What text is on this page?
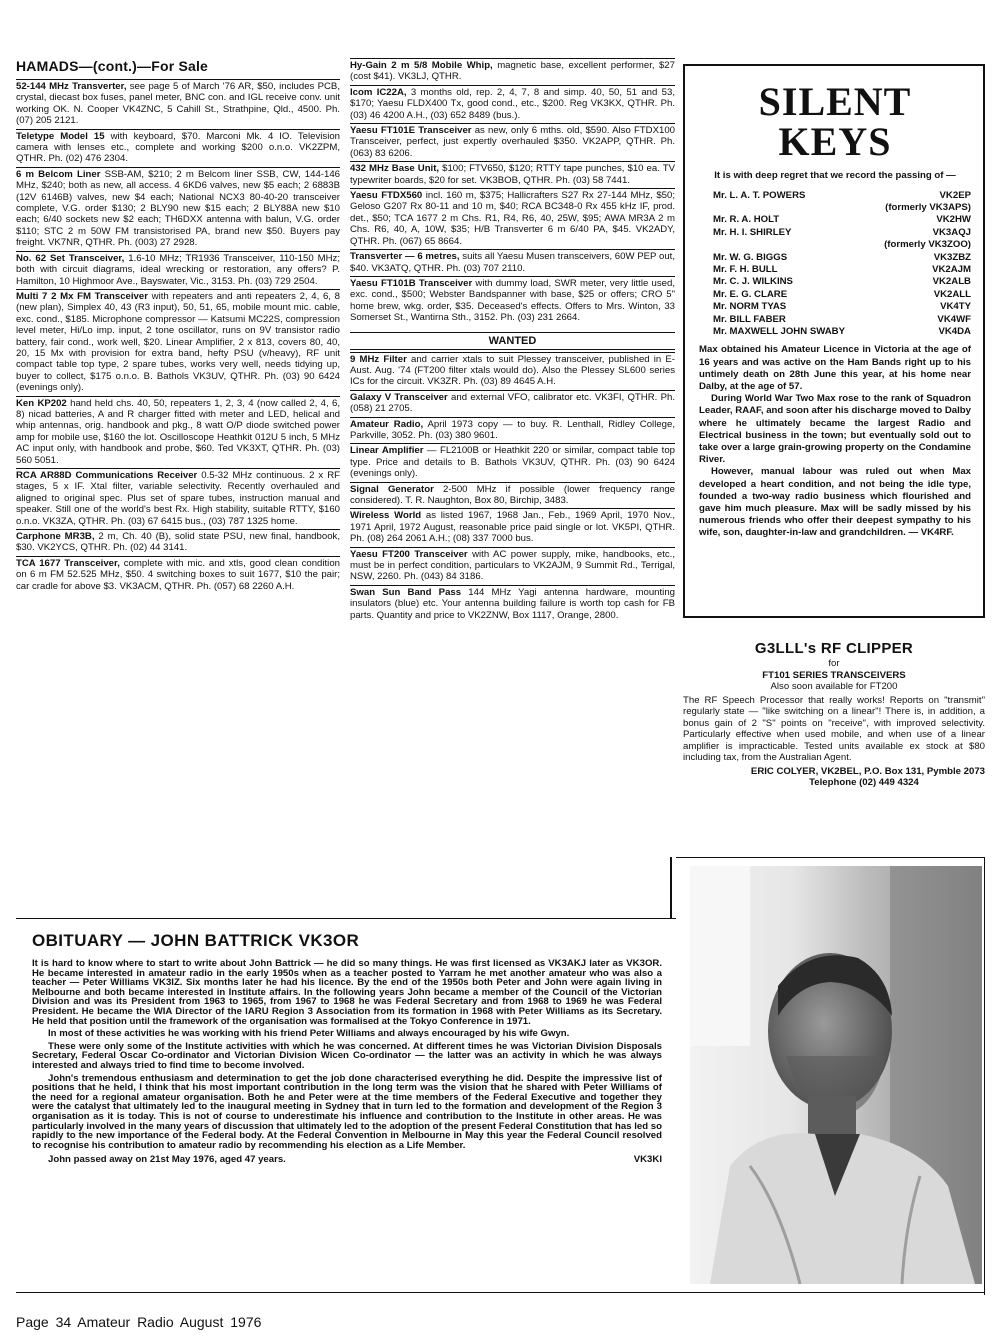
HAMADS—(cont.)—For Sale
52-144 MHz Transverter, see page 5 of March '76 AR, $50, includes PCB, crystal, diecast box fuses, panel meter, BNC con. and IGL receive conv. unit working OK. N. Cooper VK4ZNC, 5 Cahill St., Strathpine, Qld., 4500. Ph. (07) 205 2121.
Teletype Model 15 with keyboard, $70. Marconi Mk. 4 IO. Television camera with lenses etc., complete and working $200 o.n.o. VK2ZPM, QTHR. Ph. (02) 476 2304.
6 m Belcom Liner SSB-AM, $210; 2 m Belcom liner SSB, CW, 144-146 MHz, $240; both as new, all access. 4 6KD6 valves, new $5 each; 2 6883B (12V 6146B) valves, new $4 each; National NCX3 80-40-20 transceiver complete, V.G. order $130; 2 BLY90 new $15 each; 2 BLY88A new $10 each; 6/40 sockets new $2 each; TH6DXX antenna with balun, V.G. order $110; STC 2 m 50W FM transistorised PA, brand new $50. Buyers pay freight. VK7NR, QTHR. Ph. (003) 27 2928.
No. 62 Set Transceiver, 1.6-10 MHz; TR1936 Transceiver, 110-150 MHz; both with circuit diagrams, ideal wrecking or restoration, any offers? P. Hamilton, 10 Highmoor Ave., Bayswater, Vic., 3153. Ph. (03) 729 2504.
Multi 7 2 Mx FM Transceiver with repeaters and anti repeaters 2, 4, 6, 8 (new plan), Simplex 40, 43 (R3 input), 50, 51, 65, mobile mount mic. cable, exc. cond., $185. Microphone compressor — Katsumi MC22S, compression level meter, Hi/Lo imp. input, 2 tone oscillator, runs on 9V transistor radio battery, fair cond., work well, $20. Linear Amplifier, 2 x 813, covers 80, 40, 20, 15 Mx with provision for extra band, hefty PSU (v/heavy), RF unit compact table top type, 2 spare tubes, works very well, needs tidying up, buyer to collect, $175 o.n.o. B. Bathols VK3UV, QTHR. Ph. (03) 90 6424 (evenings only).
Ken KP202 hand held chs. 40, 50, repeaters 1, 2, 3, 4 (now called 2, 4, 6, 8) nicad batteries, A and R charger fitted with meter and LED, helical and whip antennas, orig. handbook and pkg., 8 watt O/P diode switched power amp for mobile use, $160 the lot. Oscilloscope Heathkit 012U 5 inch, 5 MHz AC input only, with handbook and probe, $60. Ted VK3XT, QTHR. Ph. (03) 560 5051.
RCA AR88D Communications Receiver 0.5-32 MHz continuous. 2 x RF stages, 5 x IF. Xtal filter, variable selectivity. Recently overhauled and aligned to original spec. Plus set of spare tubes, instruction manual and speaker. Still one of the world's best Rx. High stability, suitable RTTY, $160 o.n.o. VK3ZA, QTHR. Ph. (03) 67 6415 bus., (03) 787 1325 home.
Carphone MR3B, 2 m, Ch. 40 (B), solid state PSU, new final, handbook, $30. VK2YCS, QTHR. Ph. (02) 44 3141.
TCA 1677 Transceiver, complete with mic. and xtls, good clean condition on 6 m FM 52.525 MHz, $50. 4 switching boxes to suit 1677, $10 the pair; car cradle for above $3. VK3ACM, QTHR. Ph. (057) 68 2260 A.H.
Hy-Gain 2 m 5/8 Mobile Whip, magnetic base, excellent performer, $27 (cost $41). VK3LJ, QTHR.
Icom IC22A, 3 months old, rep. 2, 4, 7, 8 and simp. 40, 50, 51 and 53, $170; Yaesu FLDX400 Tx, good cond., etc., $200. Reg VK3KX, QTHR. Ph. (03) 46 4200 A.H., (03) 652 8489 (bus.).
Yaesu FT101E Transceiver as new, only 6 mths. old, $590. Also FTDX100 Transceiver, perfect, just expertly overhauled $350. VK2APP, QTHR. Ph. (063) 83 6206.
432 MHz Base Unit, $100; FTV650, $120; RTTY tape punches, $10 ea. TV typewriter boards, $20 for set. VK3BOB, QTHR. Ph. (03) 58 7441.
Yaesu FTDX560 incl. 160 m, $375; Hallicrafters S27 Rx 27-144 MHz, $50; Geloso G207 Rx 80-11 and 10 m, $40; RCA BC348-0 Rx 455 kHz IF, prod. det., $50; TCA 1677 2 m Chs. R1, R4, R6, 40, 25W, $95; AWA MR3A 2 m Chs. R6, 40, A, 10W, $35; H/B Transverter 6 m 6/40 PA, $45. VK2ADY, QTHR. Ph. (067) 65 8664.
Transverter — 6 metres, suits all Yaesu Musen transceivers, 60W PEP out, $40. VK3ATQ, QTHR. Ph. (03) 707 2110.
Yaesu FT101B Transceiver with dummy load, SWR meter, very little used, exc. cond., $500; Webster Bandspanner with base, $25 or offers; CRO 5" home brew, wkg. order, $35. Deceased's effects. Offers to Mrs. Winton, 33 Somerset St., Wantirna Sth., 3152. Ph. (03) 231 2664.
WANTED
9 MHz Filter and carrier xtals to suit Plessey transceiver, published in E-Aust. Aug. '74 (FT200 filter xtals would do). Also the Plessey SL600 series ICs for the circuit. VK3ZR. Ph. (03) 89 4645 A.H.
Galaxy V Transceiver and external VFO, calibrator etc. VK3FI, QTHR. Ph. (058) 21 2705.
Amateur Radio, April 1973 copy — to buy. R. Lenthall, Ridley College, Parkville, 3052. Ph. (03) 380 9601.
Linear Amplifier — FL2100B or Heathkit 220 or similar, compact table top type. Price and details to B. Bathols VK3UV, QTHR. Ph. (03) 90 6424 (evenings only).
Signal Generator 2-500 MHz if possible (lower frequency range considered). T. R. Naughton, Box 80, Birchip, 3483.
Wireless World as listed 1967, 1968 Jan., Feb., 1969 April, 1970 Nov., 1971 April, 1972 August, reasonable price paid single or lot. VK5PI, QTHR. Ph. (08) 264 2061 A.H.; (08) 337 7000 bus.
Yaesu FT200 Transceiver with AC power supply, mike, handbooks, etc., must be in perfect condition, particulars to VK2AJM, 9 Summit Rd., Terrigal, NSW, 2260. Ph. (043) 84 3186.
Swan Sun Band Pass 144 MHz Yagi antenna hardware, mounting insulators (blue) etc. Your antenna building failure is worth top cash for FB parts. Quantity and price to VK2ZNW, Box 1117, Orange, 2800.
SILENT KEYS
It is with deep regret that we record the passing of —
Mr. L. A. T. POWERS	VK2EP
(formerly VK3APS)
Mr. R. A. HOLT	VK2HW
Mr. H. I. SHIRLEY	VK3AQJ
(formerly VK3ZOO)
Mr. W. G. BIGGS	VK3ZBZ
Mr. F. H. BULL	VK2AJM
Mr. C. J. WILKINS	VK2ALB
Mr. E. G. CLARE	VK2ALL
Mr. NORM TYAS	VK4TY
Mr. BILL FABER	VK4WF
Mr. MAXWELL JOHN SWABY	VK4DA

Max obtained his Amateur Licence in Victoria at the age of 16 years and was active on the Ham Bands right up to his untimely death on 28th June this year, at his home near Dalby, at the age of 57.

During World War Two Max rose to the rank of Squadron Leader, RAAF, and soon after his discharge moved to Dalby where he ultimately became the largest Radio and Electrical business in the town; but eventually sold out to take over a large grain-growing property on the Condamine River.

However, manual labour was ruled out when Max developed a heart condition, and not being the idle type, founded a two-way radio business which flourished and gave him much pleasure. Max will be sadly missed by his numerous friends who offer their deepest sympathy to his wife, son, daughter-in-law and grandchildren. — VK4RF.

G3LLL's RF CLIPPER
for
FT101 SERIES TRANSCEIVERS
Also soon available for FT200
The RF Speech Processor that really works! Reports on "transmit" regularly state — "like switching on a linear"! There is, in addition, a bonus gain of 2 "S" points on "receive", with improved selectivity. Particularly effective when used mobile, and when use of a linear amplifier is impracticable. Tested units available ex stock at $80 including tax, from the Australian Agent.
ERIC COLYER, VK2BEL, P.O. Box 131, Pymble 2073
Telephone (02) 449 4324
OBITUARY — JOHN BATTRICK VK3OR

It is hard to know where to start to write about John Battrick — he did so many things. He was first licensed as VK3AKJ later as VK3OR. He became interested in amateur radio in the early 1950s when as a teacher posted to Yarram he met another amateur who was also a teacher — Peter Williams VK3IZ. Six months later he had his licence. By the end of the 1950s both Peter and John were again living in Melbourne and both became interested in Institute affairs. In the following years John became a member of the Council of the Victorian Division and was its President from 1963 to 1965, from 1967 to 1968 he was Federal Secretary and from 1968 to 1969 he was Federal President. He became the WIA Director of the IARU Region 3 Association from its formation in 1968 with Peter Williams as its Secretary. He held that position until the framework of the organisation was formalised at the Tokyo Conference in 1971.

In most of these activities he was working with his friend Peter Williams and always encouraged by his wife Gwyn.

These were only some of the Institute activities with which he was concerned. At different times he was Victorian Division Disposals Secretary, Federal Oscar Co-ordinator and Victorian Division Wicen Co-ordinator — the latter was an activity in which he was always interested and always tried to find time to become involved.

John's tremendous enthusiasm and determination to get the job done characterised everything he did. Despite the impressive list of positions that he held, I think that his most important contribution in the long term was the vision that he shared with Peter Williams of the need for a regional amateur organisation. Both he and Peter were at the time members of the Federal Executive and together they were the catalyst that ultimately led to the inaugural meeting in Sydney that in turn led to the formation and development of the Region 3 organisation as it is today. This is not of course to underestimate his influence and contribution to the Institute in other areas. He was particularly involved in the many years of discussion that ultimately led to the adoption of the present Federal Constitution that has led so rapidly to the new importance of the Federal body. At the Federal Convention in Melbourne in May this year the Federal Council resolved to recognise his contribution to amateur radio by recommending his election as a Life Member.

John passed away on 21st May 1976, aged 47 years.	VK3KI
Page 34 Amateur Radio August 1976
